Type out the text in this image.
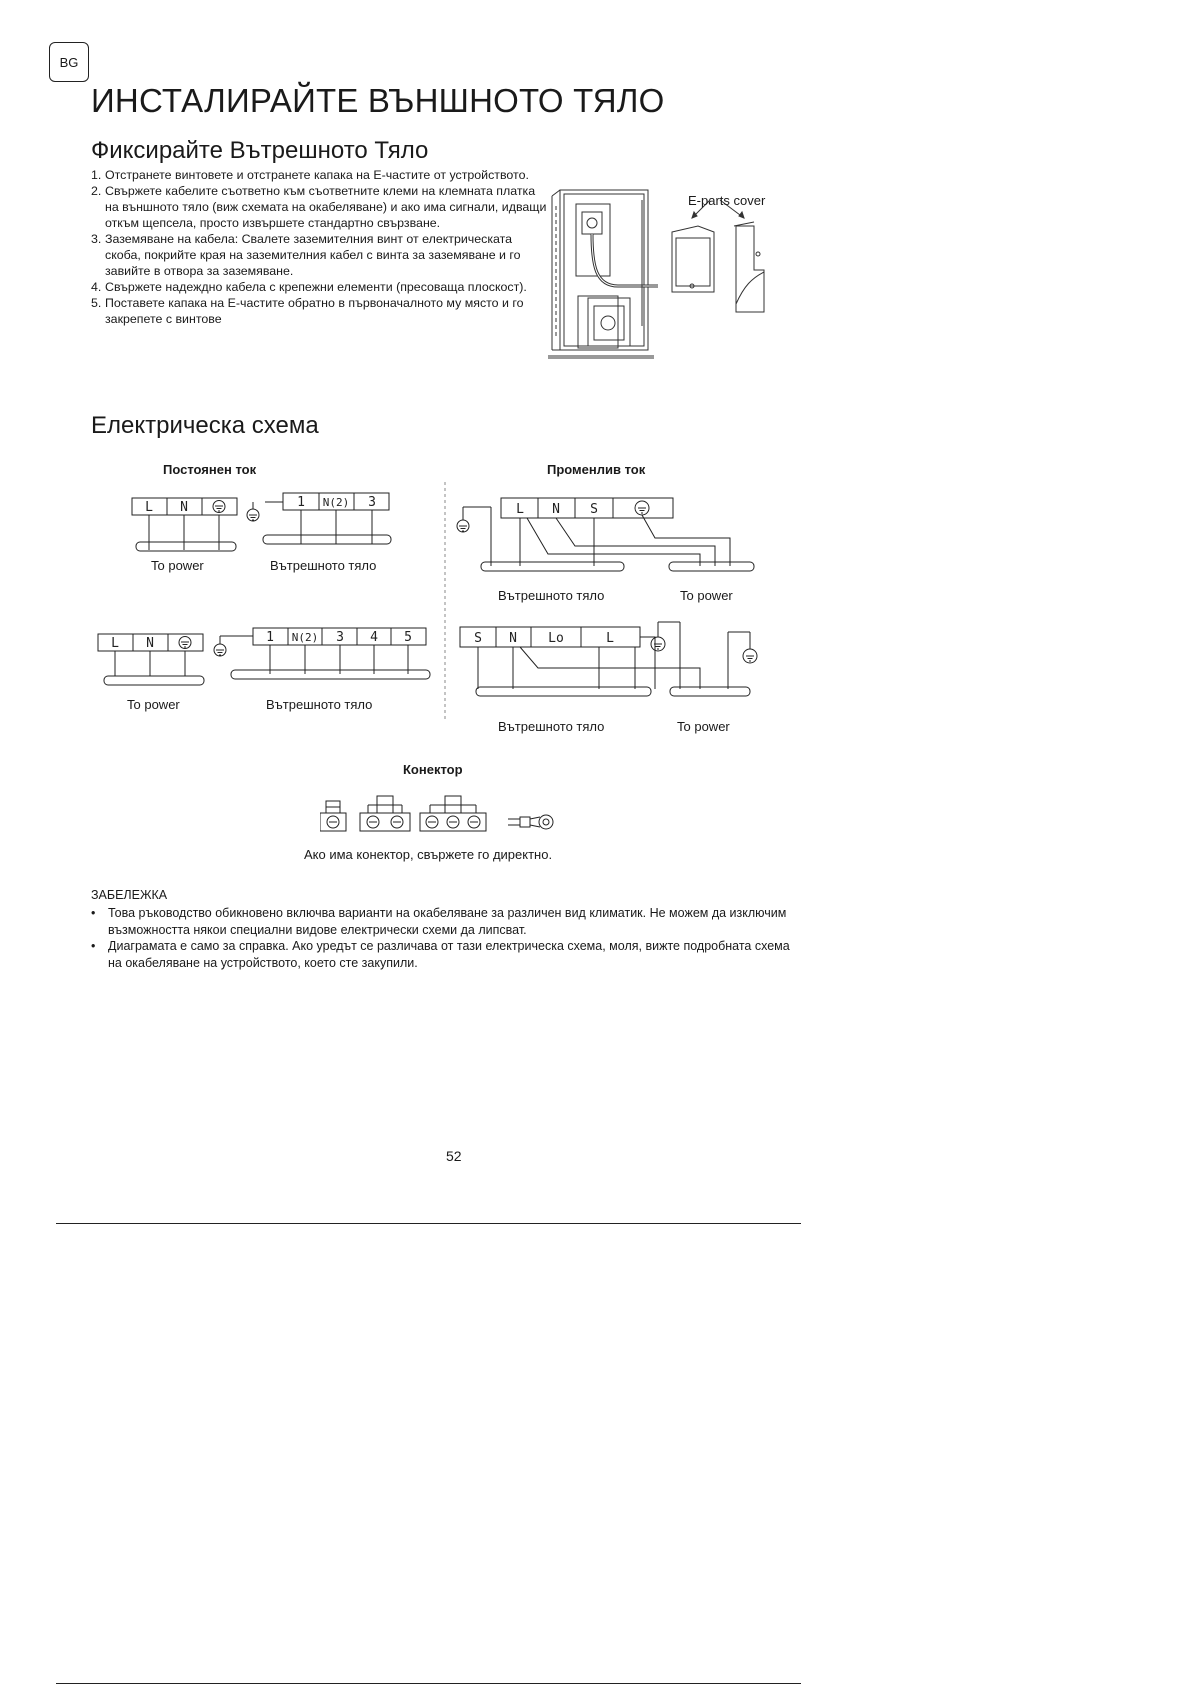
BG
ИНСТАЛИРАЙТЕ ВЪНШНОТО ТЯЛО
Фиксирайте Вътрешното Тяло
1. Отстранете винтовете и отстранете капака на E-частите от устройството.
2. Свържете кабелите съответно към съответните клеми на клемната платка на външното тяло (виж схемата на окабеляване) и ако има сигнали, идващи откъм щепсела, просто извършете стандартно свързване.
3. Заземяване на кабела: Свалете заземителния винт от електрическата скоба, покрийте края на заземителния кабел с винта за заземяване и го завийте в отвора за заземяване.
4. Свържете надеждно кабела с крепежни елементи (пресоваща плоскост).
5. Поставете капака на E-частите обратно в първоначалното му място и го закрепете с винтове
E-parts cover
Електрическа схема
Постоянен ток	Променлив ток
L N	1 N(2) 3
L N	1 N(2) 3 4 5
L N S
S N Lo	L
To power	Вътрешното тяло
Вътрешното тяло	To power
To power	Вътрешното тяло
Вътрешното тяло	To power
Конектор
Ако има конектор, свържете го директно.
ЗАБЕЛЕЖКА
• Това ръководство обикновено включва варианти на окабеляване за различен вид климатик. Не можем да изключим възможността някои специални видове електрически схеми да липсват.
• Диаграмата е само за справка. Ако уредът се различава от тази електрическа схема, моля, вижте подробната схема на окабеляване на устройството, което сте закупили.
52
